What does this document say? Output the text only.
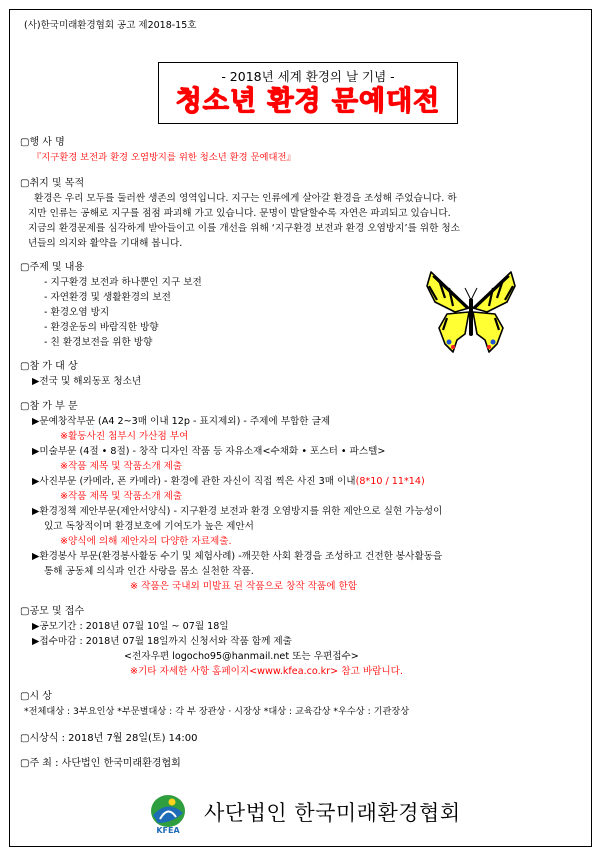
(사)한국미래환경협회 공고 제2018-15호
- 2018년 세계 환경의 날 기념 -
청소년 환경 문예대전
▢행 사 명
『지구환경 보전과 환경 오염방지를 위한 청소년 환경 문예대전』
▢취지 및 목적
환경은 우리 모두를 둘러싼 생존의 영역입니다. 지구는 인류에게 살아갈 환경을 조성해 주었습니다. 하
지만 인류는 공해로 지구를 점점 파괴해 가고 있습니다. 문명이 발달할수록 자연은 파괴되고 있습니다.
지금의 환경문제를 심각하게 받아들이고 이를 개선을 위해 ‘지구환경 보전과 환경 오염방지’를 위한 청소
년들의 의지와 활약을 기대해 봅니다.
▢주제 및 내용
- 지구환경 보전과 하나뿐인 지구 보전
- 자연환경 및 생활환경의 보전
- 환경오염 방지
- 환경운동의 바람직한 방향
- 친 환경보전을 위한 방향
▢참 가 대 상
▶전국 및 해외동포 청소년
▢참 가 부 문
▶문예창작부문 (A4 2~3매 이내 12p - 표지제외) - 주제에 부합한 글제
※활동사진 첨부시 가산점 부여
▶미술부문 (4절 • 8절) - 창작 디자인 작품 등 자유소재<수채화 • 포스터 • 파스텔>
※작품 제목 및 작품소개 제출
▶사진부문 (카메라, 폰 카메라) - 환경에 관한 자신이 직접 찍은 사진 3매 이내(8*10 / 11*14)
※작품 제목 및 작품소개 제출
▶환경정책 제안부문(제안서양식) - 지구환경 보전과 환경 오염방지를 위한 제안으로 실현 가능성이
있고 독창적이며 환경보호에 기여도가 높은 제안서
※양식에 의해 제안자의 다양한 자료제출.
▶환경봉사 부문(환경봉사활동 수기 및 체험사례) -깨끗한 사회 환경을 조성하고 건전한 봉사활동을
통해 공동체 의식과 인간 사랑을 몸소 실천한 작품.
※ 작품은 국내외 미발표 된 작품으로 창작 작품에 한함
▢공모 및 접수
▶공모기간 : 2018년 07월 10일 ~ 07월 18일
▶접수마감 : 2018년 07월 18일까지 신청서와 작품 함께 제출
<전자우편 logocho95@hanmail.net 또는 우편접수>
※기타 자세한 사항 홈페이지<www.kfea.co.kr> 참고 바랍니다.
▢시 상
*전체대상 : 3부요인상 *부문별대상 : 각 부 장관상 · 시장상 *대상 : 교육감상 *우수상 : 기관장상
▢시상식 : 2018년 7월 28일(토) 14:00
▢주 최 : 사단법인 한국미래환경협회
KFEA
사단법인 한국미래환경협회
